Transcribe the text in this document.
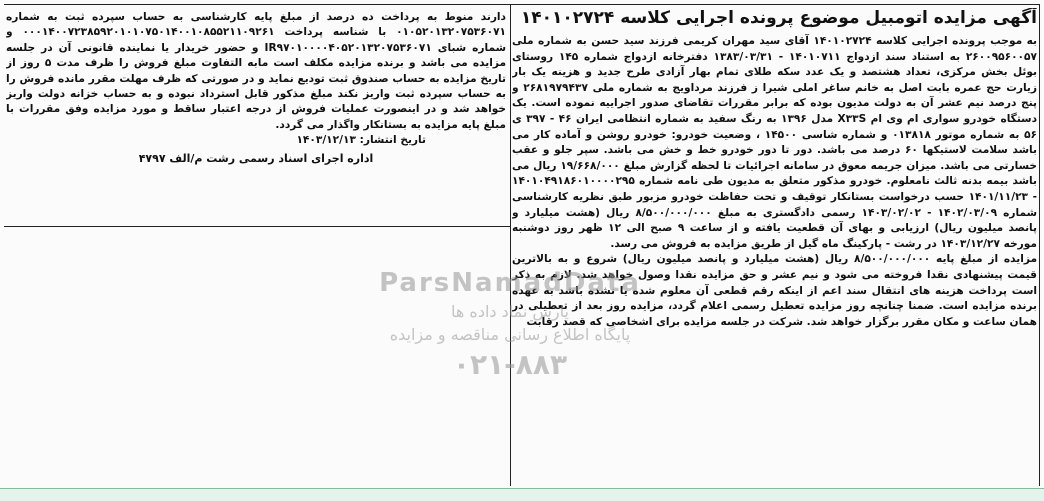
آگهی مزایده اتومبیل موضوع پرونده اجرایی کلاسه ۱۴۰۱۰۲۷۲۴

به موجب پرونده اجرایی کلاسه ۱۴۰۱۰۲۷۲۴ آقای سید مهران کریمی فرزند سید حسن به شماره ملی ۲۶۰۰۹۵۶۰۰۵۷ به استناد سند ازدواج ۱۴۰۱۰۷۱۱ - ۱۳۸۳/۰۳/۳۱ دفترخانه ازدواج شماره ۱۴۵ روستای بوئل بخش مرکزی، تعداد هشتصد و یک عدد سکه طلای تمام بهار آزادی طرح جدید و هزینه یک بار زیارت حج عمره بابت اصل به خانم ساغر املی شیرا ز فرزند مرداویج به شماره ملی ۲۶۸۱۹۷۹۴۳۷ و پنج درصد نیم عشر آن به دولت مدیون بوده که برابر مقررات تقاضای صدور اجراییه نموده است. یک دستگاه خودرو سواری ام وی ام X۳۳S مدل ۱۳۹۶ به رنگ سفید به شماره انتظامی ایران ۴۶ - ۳۹۷ ی ۵۶ به شماره موتور ۰۱۳۸۱۸ و شماره شاسی ۱۴۵۰۰ ، وضعیت خودرو: خودرو روشن و آماده کار می باشد سلامت لاستیکها ۶۰ درصد می باشد. دور تا دور خودرو خط و خش می باشد. سپر جلو و عقب خسارتی می باشد. میزان جریمه معوق در سامانه اجرائیات تا لحظه گزارش مبلغ ۱۹/۶۶۸/۰۰۰ ریال می باشد بیمه بدنه ثالث نامعلوم. خودرو مذکور متعلق به مدیون طی نامه شماره ۱۴۰۱۰۴۹۱۸۶۰۱۰۰۰۰۲۹۵ - ۱۴۰۱/۱۱/۲۳ حسب درخواست بستانکار توقیف و تحت حفاظت خودرو مزبور طبق نظریه کارشناسی شماره ۱۴۰۲/۰۳/۰۹ - ۱۴۰۳/۰۲/۰۲ رسمی دادگستری به مبلغ ۸/۵۰۰/۰۰۰/۰۰۰ ریال (هشت میلیارد و پانصد میلیون ریال) ارزیابی و بهای آن قطعیت یافته و از ساعت ۹ صبح الی ۱۲ ظهر روز دوشنبه مورخه ۱۴۰۳/۱۲/۲۷ در رشت - پارکینگ ماه گیل از طریق مزایده به فروش می رسد.

مزایده از مبلغ پایه ۸/۵۰۰/۰۰۰/۰۰۰ ریال (هشت میلیارد و پانصد میلیون ریال) شروع و به بالاترین قیمت پیشنهادی نقدا فروخته می شود و نیم عشر و حق مزایده نقدا وصول خواهد شد. لازم به ذکر است پرداخت هزینه های انتقال سند اعم از اینکه رقم قطعی آن معلوم شده یا نشده باشد به عهده برنده مزایده است. ضمنا چنانچه روز مزایده تعطیل رسمی اعلام گردد، مزایده روز بعد از تعطیلی در همان ساعت و مکان مقرر برگزار خواهد شد. شرکت در جلسه مزایده برای اشخاصی که قصد رقابت

دارند منوط به پرداخت ده درصد از مبلغ پایه کارشناسی به حساب سپرده ثبت به شماره ۰۱۰۵۲۰۱۳۲۰۷۵۳۶۰۷۱ با شناسه پرداخت ۰۰۰۱۴۰۰۷۲۳۸۵۹۲۰۱۰۱۰۷۵۰۱۴۰۰۱۰۸۵۵۲۱۱۰۹۲۶۱ و شماره شبای IR۹۷۰۱۰۰۰۰۴۰۵۲۰۱۳۲۰۷۵۳۶۰۷۱ و حضور خریدار یا نماینده قانونی آن در جلسه مزایده می باشد و برنده مزایده مکلف است مابه التفاوت مبلغ فروش را ظرف مدت ۵ روز از تاریخ مزایده به حساب صندوق ثبت تودیع نماید و در صورتی که ظرف مهلت مقرر مانده فروش را به حساب سپرده ثبت واریز نکند مبلغ مذکور قابل استرداد نبوده و به حساب خزانه دولت واریز خواهد شد و در اینصورت عملیات فروش از درجه اعتبار ساقط و مورد مزایده وفق مقررات با مبلغ پایه مزایده به بستانکار واگذار می گردد.

تاریخ انتشار: ۱۴۰۳/۱۲/۱۳
اداره اجرای اسناد رسمی رشت م/الف ۴۷۹۷
ParsNamadData
پارس نماد داده ها
پایگاه اطلاع رسانی مناقصه و مزایده
۰۲۱-۸۸۳
